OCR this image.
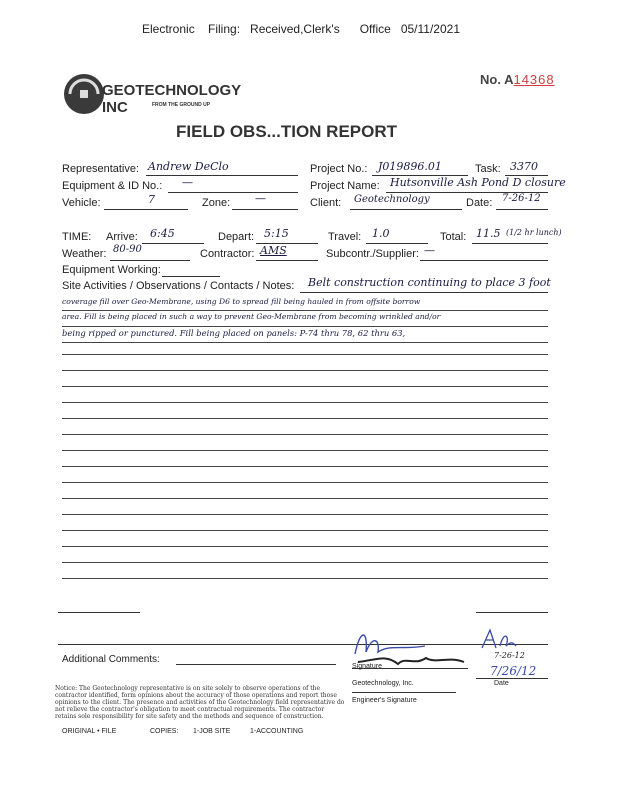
Electronic    Filing:   Received,Clerk's      Office   05/11/2021
GEOTECHNOLOGY INC	FROM THE GROUND UP
No. A14368
FIELD OBS...TION REPORT
Representative: Andrew DeClo	Project No.: J019896.01	Task: 3370
Equipment & ID No.: —	Project Name: Hutsonville Ash Pond D closure
Vehicle:	7	Zone: —	Client: Geotechnology	Date: 7-26-12
TIME: Arrive: 6:45	Depart: 5:15	Travel: 1.0	Total: 11.5 (1/2 hr lunch)
Weather: 80-90	Contractor: AMS	Subcontr./Supplier: —
Equipment Working:
Site Activities / Observations / Contacts / Notes: Belt construction continuing to place 3 foot
coverage fill over Geo-Membrane, using D6 to spread fill being hauled in from offsite borrow
area. Fill is being placed in such a way to prevent Geo-Membrane from becoming wrinkled and/or
being ripped or punctured. Fill being placed on panels: P-74 thru 78, 62 thru 63,
Additional Comments:
Signature
Geotechnology, Inc.
Engineer's Signature
7-26-12
7/26/12
Date
Notice: The Geotechnology representative is on site solely to observe operations of the contractor identified, form opinions about the accuracy of those operations and report those opinions to the client. The presence and activities of the Geotechnology field representative do not relieve the contractor's obligation to meet contractual requirements. The contractor retains sole responsibility for site safety and the methods and sequence of construction.
ORIGINAL • FILE	COPIES: 1-JOB SITE	1-ACCOUNTING
